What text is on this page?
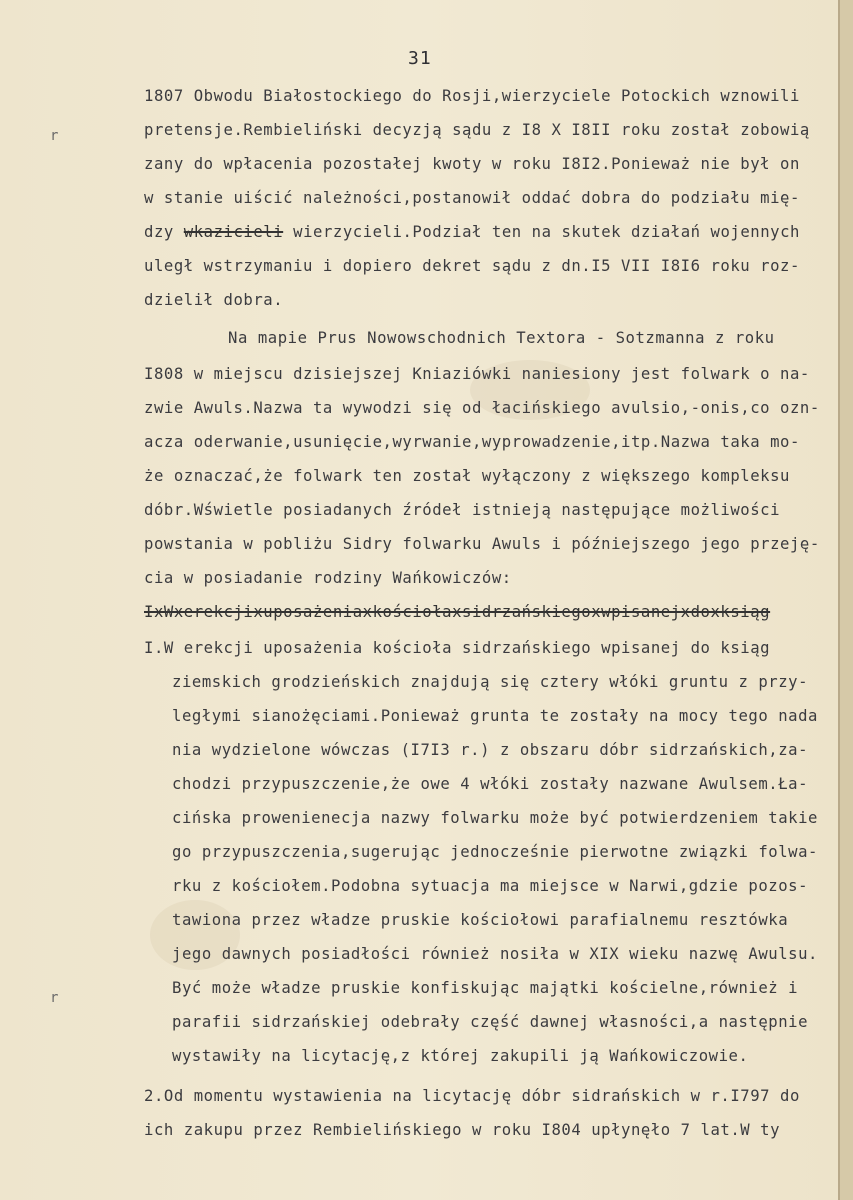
31
r
r
1807 Obwodu Białostockiego do Rosji,wierzyciele Potockich wznowili
pretensje.Rembieliński decyzją sądu z I8 X I8II roku został zobowią
zany do wpłacenia pozostałej kwoty w roku I8I2.Ponieważ nie był on
w stanie uiścić należności,postanowił oddać dobra do podziału mię-
dzy wkazicieli wierzycieli.Podział ten na skutek działań wojennych
uległ wstrzymaniu i dopiero dekret sądu z dn.I5 VII I8I6 roku roz-
dzielił dobra.
Na mapie Prus Nowowschodnich Textora - Sotzmanna z roku
I808 w miejscu dzisiejszej Kniaziówki naniesiony jest folwark o na-
zwie Awuls.Nazwa ta wywodzi się od łacińskiego avulsio,-onis,co ozn-
acza oderwanie,usunięcie,wyrwanie,wyprowadzenie,itp.Nazwa taka mo-
że oznaczać,że folwark ten został wyłączony z większego kompleksu
dóbr.Wświetle posiadanych źródeł istnieją następujące możliwości
powstania w pobliżu Sidry folwarku Awuls i późniejszego jego przeję-
cia w posiadanie rodziny Wańkowiczów:
IxWxerekcjixuposażeniaxkościołaxsidrzańskiegoxwpisanejxdoxksiąg
I.W erekcji uposażenia kościoła sidrzańskiego wpisanej do ksiąg
ziemskich grodzieńskich znajdują się cztery włóki gruntu z przy-
ległymi sianożęciami.Ponieważ grunta te zostały na mocy tego nada
nia wydzielone wówczas (I7I3 r.) z obszaru dóbr sidrzańskich,za-
chodzi przypuszczenie,że owe 4 włóki zostały nazwane Awulsem.Ła-
cińska prowenienecja nazwy folwarku może być potwierdzeniem takie
go przypuszczenia,sugerując jednocześnie pierwotne związki folwa-
rku z kościołem.Podobna sytuacja ma miejsce w Narwi,gdzie pozos-
tawiona przez władze pruskie kościołowi parafialnemu resztówka
jego dawnych posiadłości również nosiła w XIX wieku nazwę Awulsu.
Być może władze pruskie konfiskując majątki kościelne,również i
parafii sidrzańskiej odebrały część dawnej własności,a następnie
wystawiły na licytację,z której zakupili ją Wańkowiczowie.
2.Od momentu wystawienia na licytację dóbr sidrańskich w r.I797 do
ich zakupu przez Rembielińskiego w roku I804 upłynęło 7 lat.W ty
